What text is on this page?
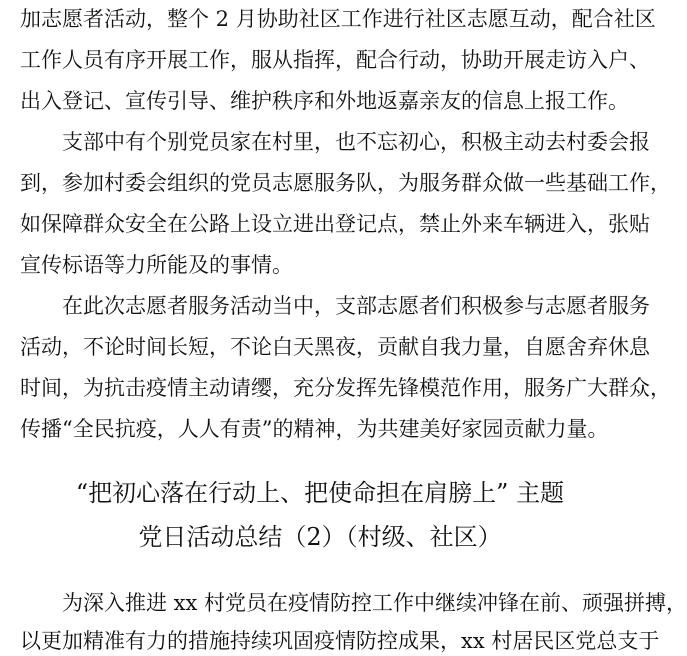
加志愿者活动，整个 2 月协助社区工作进行社区志愿互动，配合社区
工作人员有序开展工作，服从指挥，配合行动，协助开展走访入户、
出入登记、宣传引导、维护秩序和外地返嘉亲友的信息上报工作。
支部中有个别党员家在村里，也不忘初心，积极主动去村委会报
到，参加村委会组织的党员志愿服务队，为服务群众做一些基础工作，
如保障群众安全在公路上设立进出登记点，禁止外来车辆进入，张贴
宣传标语等力所能及的事情。
在此次志愿者服务活动当中，支部志愿者们积极参与志愿者服务
活动，不论时间长短，不论白天黑夜，贡献自我力量，自愿舍弃休息
时间，为抗击疫情主动请缨，充分发挥先锋模范作用，服务广大群众，
传播“全民抗疫，人人有责”的精神，为共建美好家园贡献力量。
“把初心落在行动上、把使命担在肩膀上” 主题
党日活动总结（2）（村级、社区）
为深入推进 xx 村党员在疫情防控工作中继续冲锋在前、顽强拼搏，
以更加精准有力的措施持续巩固疫情防控成果，xx 村居民区党总支于
